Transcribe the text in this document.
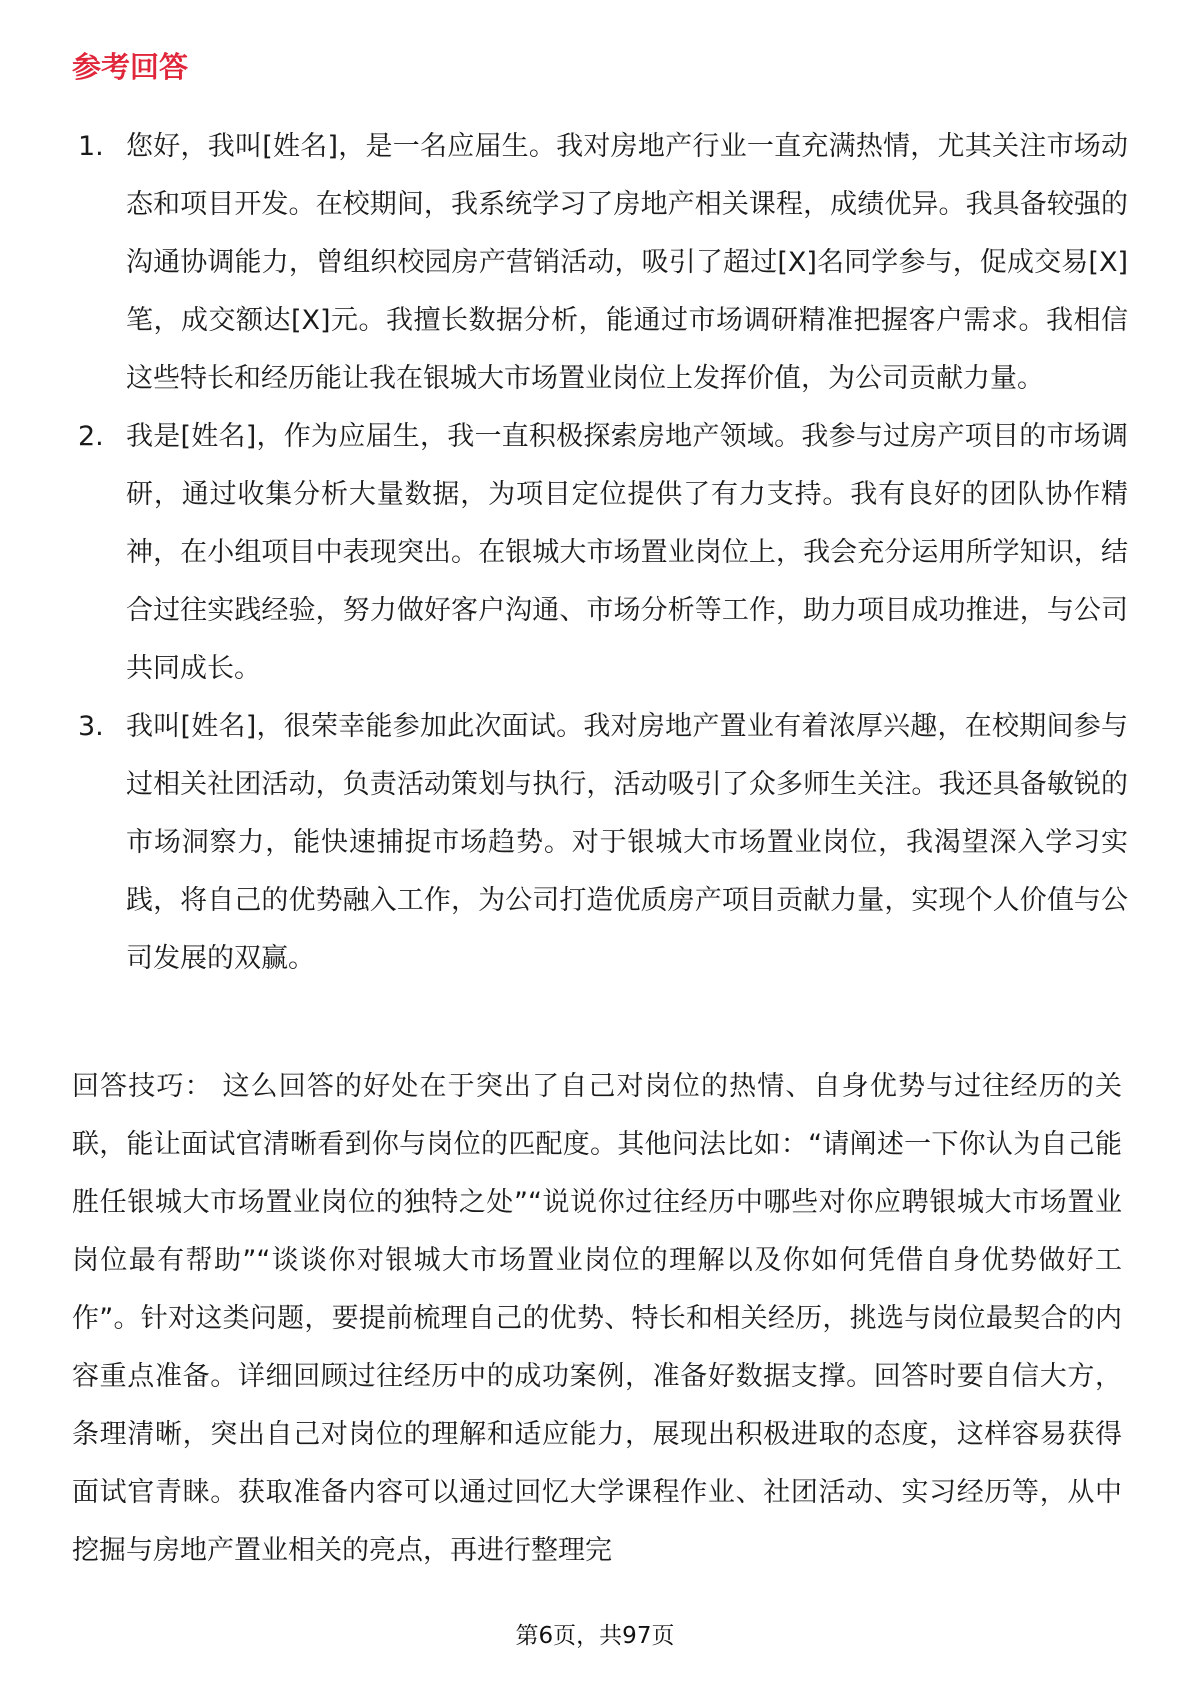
参考回答
1. 您好，我叫[姓名]，是一名应届生。我对房地产行业一直充满热情，尤其关注市场动态和项目开发。在校期间，我系统学习了房地产相关课程，成绩优异。我具备较强的沟通协调能力，曾组织校园房产营销活动，吸引了超过[X]名同学参与，促成交易[X]笔，成交额达[X]元。我擅长数据分析，能通过市场调研精准把握客户需求。我相信这些特长和经历能让我在银城大市场置业岗位上发挥价值，为公司贡献力量。
2. 我是[姓名]，作为应届生，我一直积极探索房地产领域。我参与过房产项目的市场调研，通过收集分析大量数据，为项目定位提供了有力支持。我有良好的团队协作精神，在小组项目中表现突出。在银城大市场置业岗位上，我会充分运用所学知识，结合过往实践经验，努力做好客户沟通、市场分析等工作，助力项目成功推进，与公司共同成长。
3. 我叫[姓名]，很荣幸能参加此次面试。我对房地产置业有着浓厚兴趣，在校期间参与过相关社团活动，负责活动策划与执行，活动吸引了众多师生关注。我还具备敏锐的市场洞察力，能快速捕捉市场趋势。对于银城大市场置业岗位，我渴望深入学习实践，将自己的优势融入工作，为公司打造优质房产项目贡献力量，实现个人价值与公司发展的双赢。

回答技巧： 这么回答的好处在于突出了自己对岗位的热情、自身优势与过往经历的关联，能让面试官清晰看到你与岗位的匹配度。其他问法比如：“请阐述一下你认为自己能胜任银城大市场置业岗位的独特之处”“说说你过往经历中哪些对你应聘银城大市场置业岗位最有帮助”“谈谈你对银城大市场置业岗位的理解以及你如何凭借自身优势做好工作”。针对这类问题，要提前梳理自己的优势、特长和相关经历，挑选与岗位最契合的内容重点准备。详细回顾过往经历中的成功案例，准备好数据支撑。回答时要自信大方，条理清晰，突出自己对岗位的理解和适应能力，展现出积极进取的态度，这样容易获得面试官青睐。获取准备内容可以通过回忆大学课程作业、社团活动、实习经历等，从中挖掘与房地产置业相关的亮点，再进行整理完

第6页，共97页
